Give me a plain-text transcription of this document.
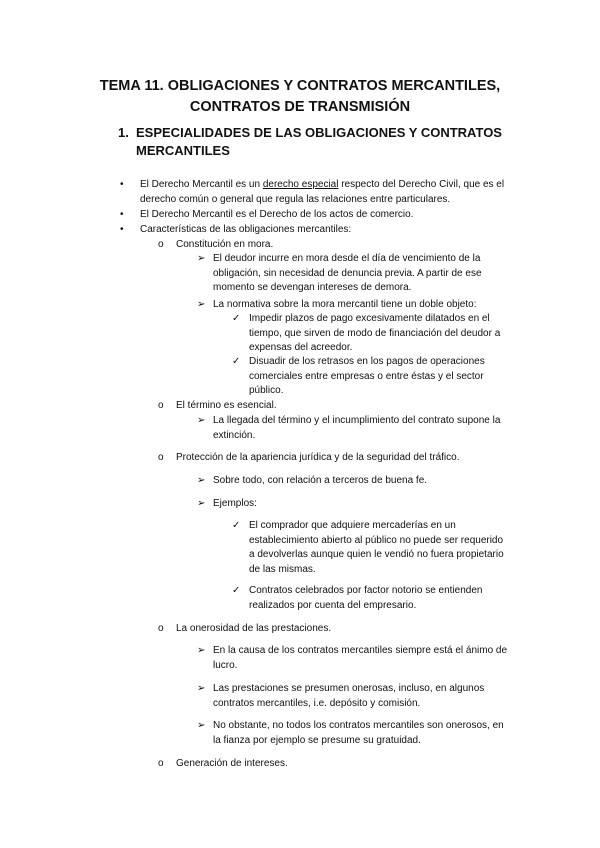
TEMA 11. OBLIGACIONES Y CONTRATOS MERCANTILES,
CONTRATOS DE TRANSMISIÓN
1. ESPECIALIDADES DE LAS OBLIGACIONES Y CONTRATOS
MERCANTILES
• El Derecho Mercantil es un derecho especial respecto del Derecho Civil, que es el
derecho común o general que regula las relaciones entre particulares.
• El Derecho Mercantil es el Derecho de los actos de comercio.
• Características de las obligaciones mercantiles:
o Constitución en mora.
➢ El deudor incurre en mora desde el día de vencimiento de la
obligación, sin necesidad de denuncia previa. A partir de ese
momento se devengan intereses de demora.
➢ La normativa sobre la mora mercantil tiene un doble objeto:
✓ Impedir plazos de pago excesivamente dilatados en el
tiempo, que sirven de modo de financiación del deudor a
expensas del acreedor.
✓ Disuadir de los retrasos en los pagos de operaciones
comerciales entre empresas o entre éstas y el sector
público.
o El término es esencial.
➢ La llegada del término y el incumplimiento del contrato supone la
extinción.
o Protección de la apariencia jurídica y de la seguridad del tráfico.
➢ Sobre todo, con relación a terceros de buena fe.
➢ Ejemplos:
✓ El comprador que adquiere mercaderías en un
establecimiento abierto al público no puede ser requerido
a devolverlas aunque quien le vendió no fuera propietario
de las mismas.
✓ Contratos celebrados por factor notorio se entienden
realizados por cuenta del empresario.
o La onerosidad de las prestaciones.
➢ En la causa de los contratos mercantiles siempre está el ánimo de
lucro.
➢ Las prestaciones se presumen onerosas, incluso, en algunos
contratos mercantiles, i.e. depósito y comisión.
➢ No obstante, no todos los contratos mercantiles son onerosos, en
la fianza por ejemplo se presume su gratuidad.
o Generación de intereses.
